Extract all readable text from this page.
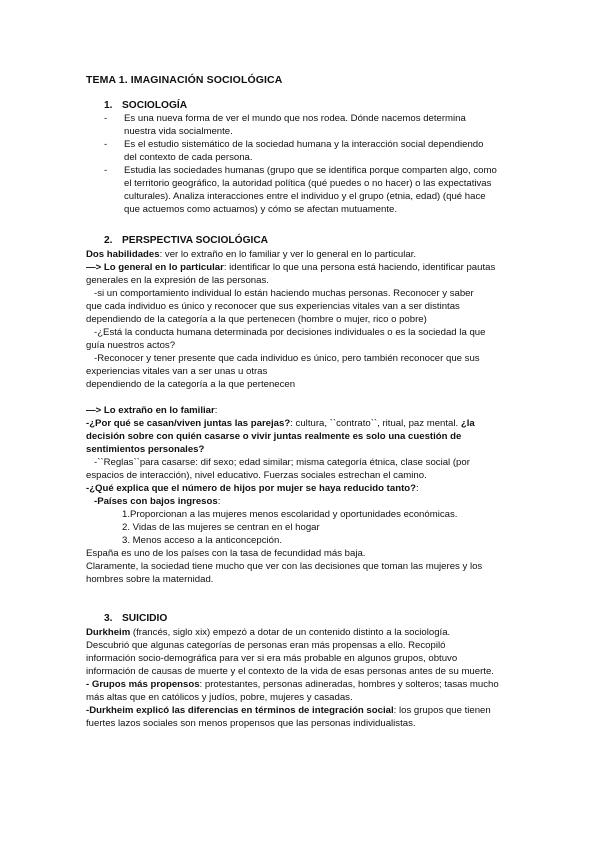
TEMA 1. IMAGINACIÓN SOCIOLÓGICA
1. SOCIOLOGÍA
- Es una nueva forma de ver el mundo que nos rodea. Dónde nacemos determina
nuestra vida socialmente.
- Es el estudio sistemático de la sociedad humana y la interacción social dependiendo
del contexto de cada persona.
- Estudia las sociedades humanas (grupo que se identifica porque comparten algo, como
el territorio geográfico, la autoridad política (qué puedes o no hacer) o las expectativas
culturales). Analiza interacciones entre el individuo y el grupo (etnia, edad) (qué hace
que actuemos como actuamos) y cómo se afectan mutuamente.
2. PERSPECTIVA SOCIOLÓGICA
Dos habilidades: ver lo extraño en lo familiar y ver lo general en lo particular.
—> Lo general en lo particular: identificar lo que una persona está haciendo, identificar pautas
generales en la expresión de las personas.
-si un comportamiento individual lo están haciendo muchas personas. Reconocer y saber
que cada individuo es único y reconocer que sus experiencias vitales van a ser distintas
dependiendo de la categoría a la que pertenecen (hombre o mujer, rico o pobre)
-¿Está la conducta humana determinada por decisiones individuales o es la sociedad la que
guía nuestros actos?
-Reconocer y tener presente que cada individuo es único, pero también reconocer que sus
experiencias vitales van a ser unas u otras
dependiendo de la categoría a la que pertenecen

—> Lo extraño en lo familiar:
-¿Por qué se casan/viven juntas las parejas?: cultura, ``contrato``, ritual, paz mental. ¿la
decisión sobre con quién casarse o vivir juntas realmente es solo una cuestión de
sentimientos personales?
-``Reglas``para casarse: dif sexo; edad similar; misma categoría étnica, clase social (por
espacios de interacción), nivel educativo. Fuerzas sociales estrechan el camino.
-¿Qué explica que el número de hijos por mujer se haya reducido tanto?:
-Países con bajos ingresos:
1.Proporcionan a las mujeres menos escolaridad y oportunidades económicas.
2. Vidas de las mujeres se centran en el hogar
3. Menos acceso a la anticoncepción.
España es uno de los países con la tasa de fecundidad más baja.
Claramente, la sociedad tiene mucho que ver con las decisiones que toman las mujeres y los
hombres sobre la maternidad.
3. SUICIDIO
Durkheim (francés, siglo xix) empezó a dotar de un contenido distinto a la sociología.
Descubrió que algunas categorías de personas eran más propensas a ello. Recopiló
información socio-demográfica para ver si era más probable en algunos grupos, obtuvo
información de causas de muerte y el contexto de la vida de esas personas antes de su muerte.
- Grupos más propensos: protestantes, personas adineradas, hombres y solteros; tasas mucho
más altas que en católicos y judíos, pobre, mujeres y casadas.
-Durkheim explicó las diferencias en términos de integración social: los grupos que tienen
fuertes lazos sociales son menos propensos que las personas individualistas.
